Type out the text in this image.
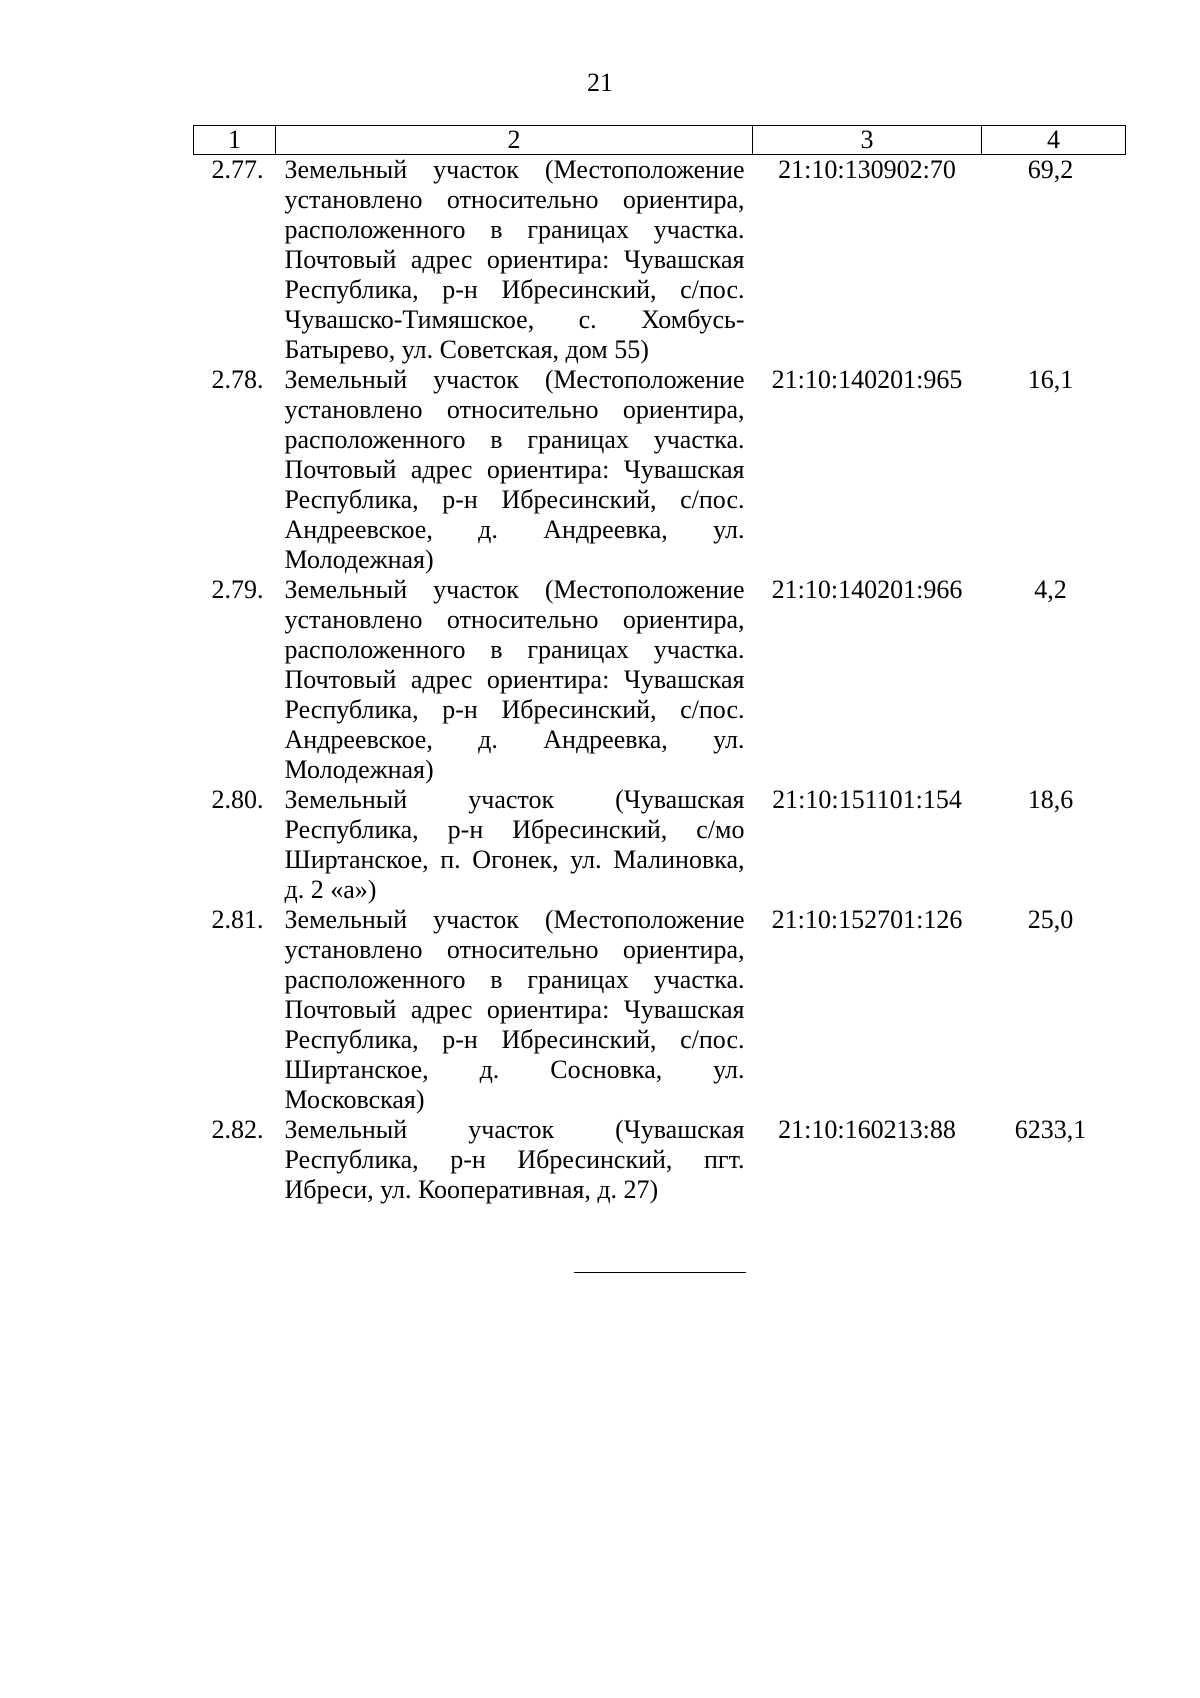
21
1	2	3	4
2.77.	Земельный участок (Местоположение установлено относительно ориентира, расположенного в границах участка. Почтовый адрес ориентира: Чувашская Республика, р-н Ибресинский, с/пос. Чувашско-Тимяшское, с. Хомбусь-Батырево, ул. Советская, дом 55)	21:10:130902:70	69,2
2.78.	Земельный участок (Местоположение установлено относительно ориентира, расположенного в границах участка. Почтовый адрес ориентира: Чувашская Республика, р-н Ибресинский, с/пос. Андреевское, д. Андреевка, ул. Молодежная)	21:10:140201:965	16,1
2.79.	Земельный участок (Местоположение установлено относительно ориентира, расположенного в границах участка. Почтовый адрес ориентира: Чувашская Республика, р-н Ибресинский, с/пос. Андреевское, д. Андреевка, ул. Молодежная)	21:10:140201:966	4,2
2.80.	Земельный участок (Чувашская Республика, р-н Ибресинский, с/мо Ширтанское, п. Огонек, ул. Малиновка, д. 2 «а»)	21:10:151101:154	18,6
2.81.	Земельный участок (Местоположение установлено относительно ориентира, расположенного в границах участка. Почтовый адрес ориентира: Чувашская Республика, р-н Ибресинский, с/пос. Ширтанское, д. Сосновка, ул. Московская)	21:10:152701:126	25,0
2.82.	Земельный участок (Чувашская Республика, р-н Ибресинский, пгт. Ибреси, ул. Кооперативная, д. 27)	21:10:160213:88	6233,1
